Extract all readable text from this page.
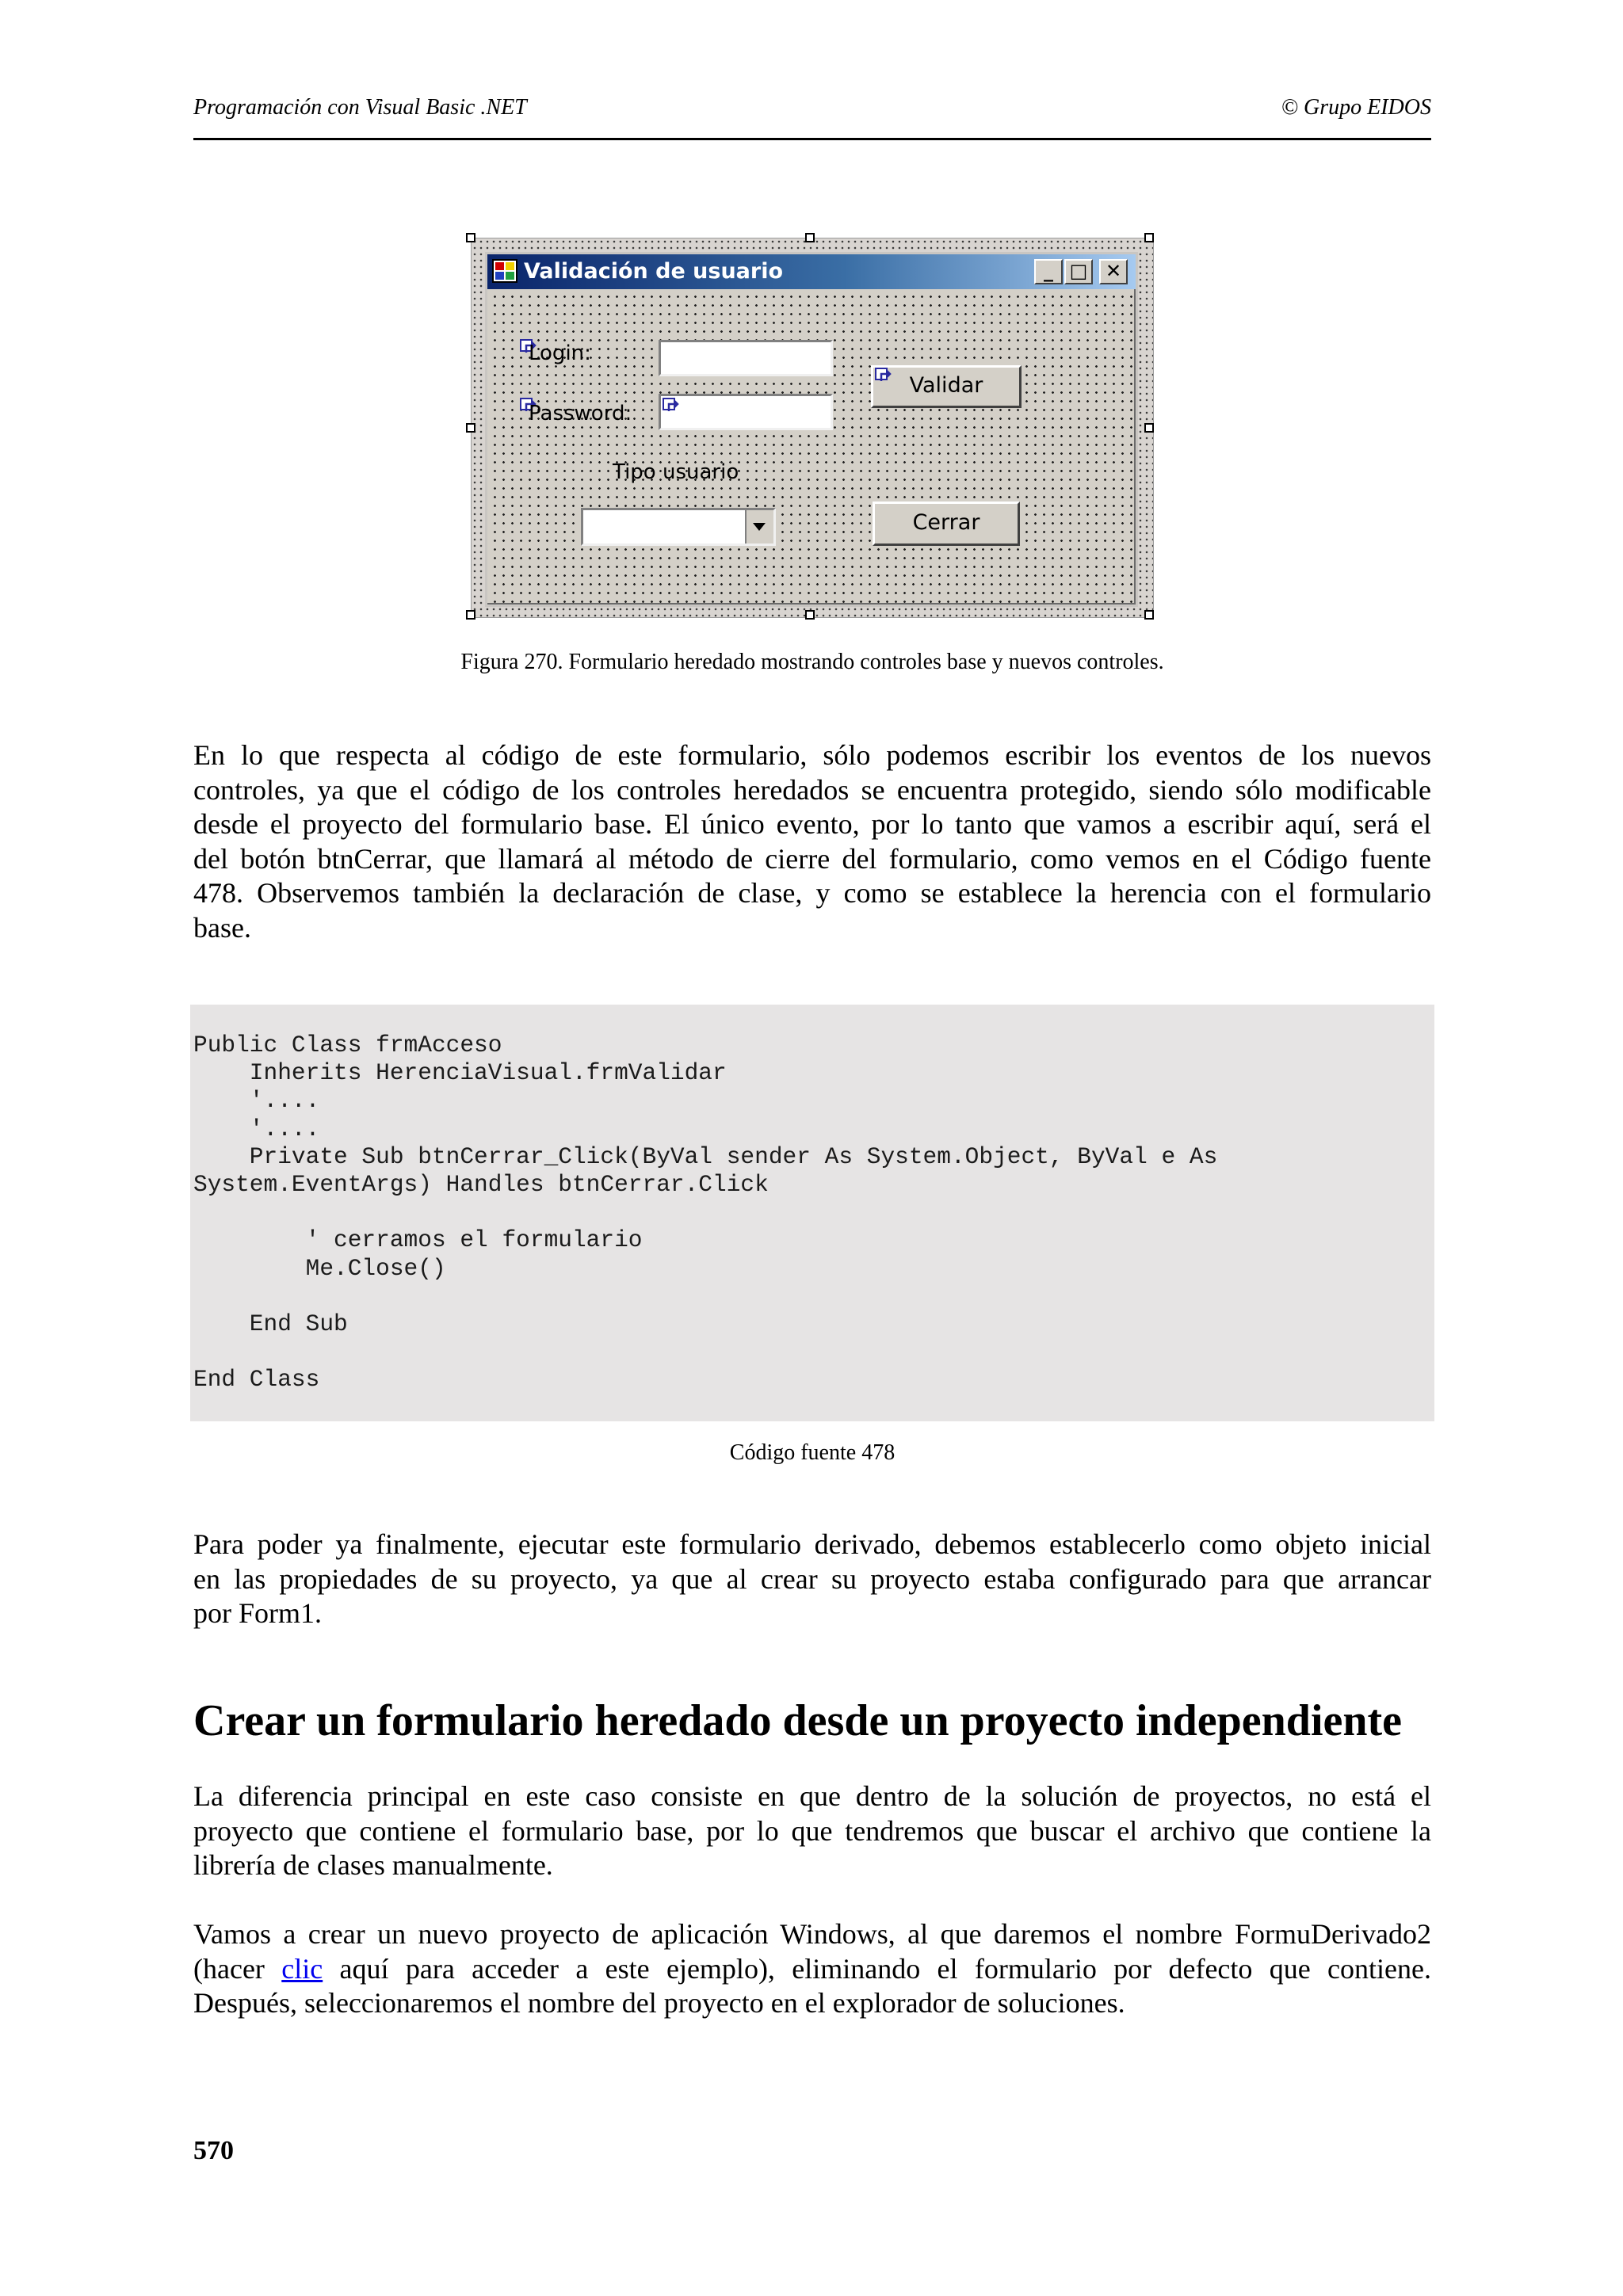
Programación con Visual Basic .NET	© Grupo EIDOS
Validación de usuario	_ □ ✕
Login:
Password:
Validar
Tipo usuario
Cerrar
Figura 270. Formulario heredado mostrando controles base y nuevos controles.
En lo que respecta al código de este formulario, sólo podemos escribir los eventos de los nuevos
controles, ya que el código de los controles heredados se encuentra protegido, siendo sólo modificable
desde el proyecto del formulario base. El único evento, por lo tanto que vamos a escribir aquí, será el
del botón btnCerrar, que llamará al método de cierre del formulario, como vemos en el Código fuente
478. Observemos también la declaración de clase, y como se establece la herencia con el formulario
base.
Public Class frmAcceso
Inherits HerenciaVisual.frmValidar
'....
'....
Private Sub btnCerrar_Click(ByVal sender As System.Object, ByVal e As
System.EventArgs) Handles btnCerrar.Click

' cerramos el formulario
Me.Close()

End Sub

End Class
Código fuente 478
Para poder ya finalmente, ejecutar este formulario derivado, debemos establecerlo como objeto inicial
en las propiedades de su proyecto, ya que al crear su proyecto estaba configurado para que arrancar
por Form1.
Crear un formulario heredado desde un proyecto independiente
La diferencia principal en este caso consiste en que dentro de la solución de proyectos, no está el
proyecto que contiene el formulario base, por lo que tendremos que buscar el archivo que contiene la
librería de clases manualmente.
Vamos a crear un nuevo proyecto de aplicación Windows, al que daremos el nombre FormuDerivado2
(hacer clic aquí para acceder a este ejemplo), eliminando el formulario por defecto que contiene.
Después, seleccionaremos el nombre del proyecto en el explorador de soluciones.
570
